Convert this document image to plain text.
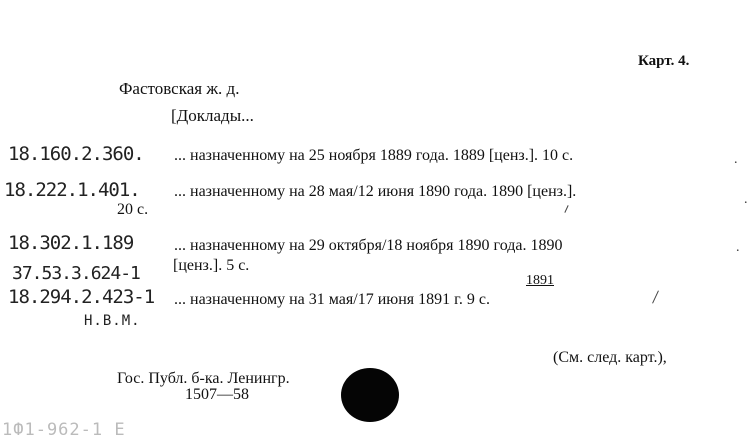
Карт. 4.
Фастовская ж. д.
[Доклады...
18.160.2.360. ... назначенному на 25 ноября 1889 года. 1889 [ценз.]. 10 с.
18.222.1.401. ... назначенному на 28 мая/12 июня 1890 года. 1890 [ценз.].
20 с.
18.302.1.189	... назначенному на 29 октября/18 ноября 1890 года. 1890
[ценз.]. 5 с.
37.53.3.624-1	1891
18.294.2.423-1 ... назначенному на 31 мая/17 июня 1891 г. 9 с.
Н.В.М.
(См. след. карт.),
Гос. Публ. б-ка. Ленингр.
1507—58
1Ф1-962-1 Е
.
.
.
